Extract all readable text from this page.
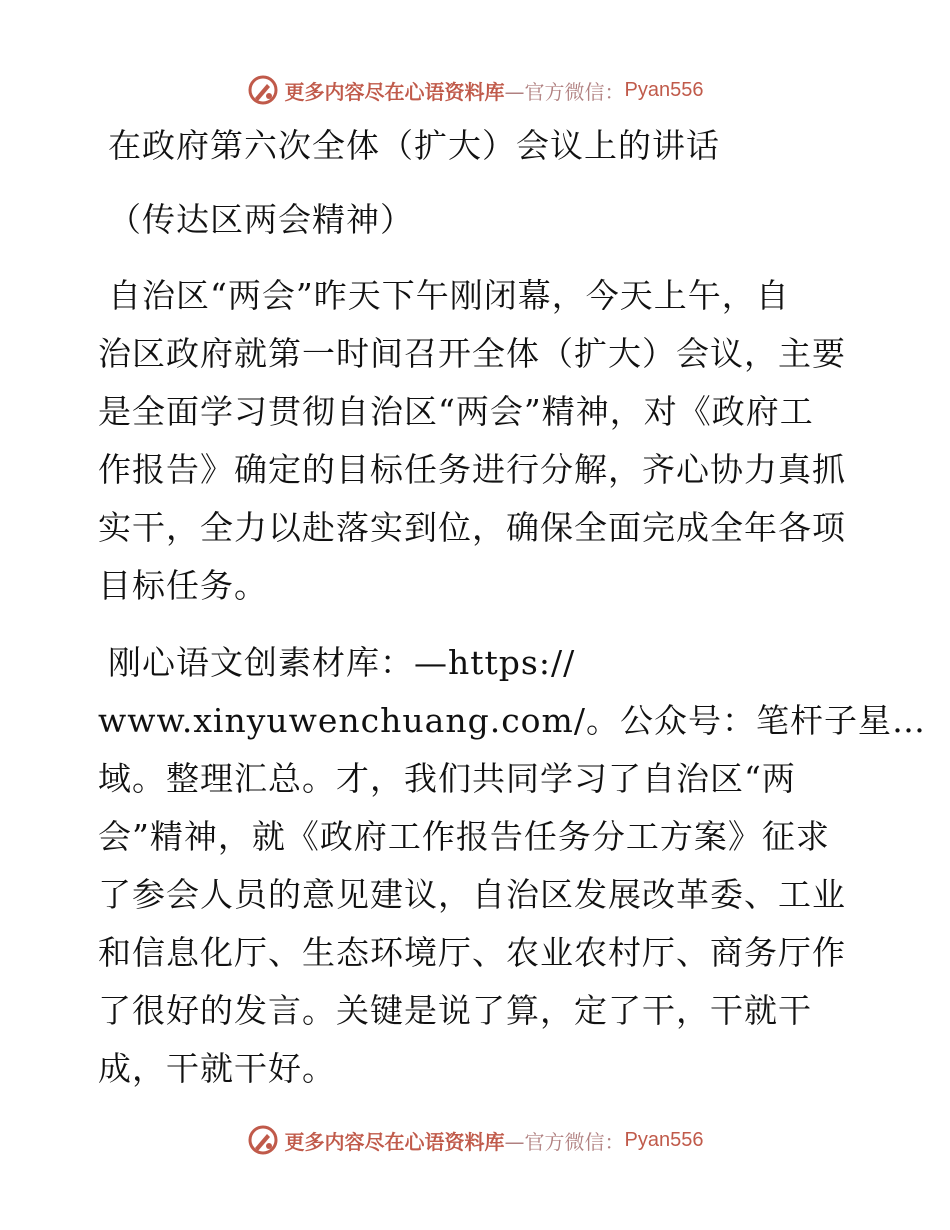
更多内容尽在心语资料库 —官方微信： Pyan556
在政府第六次全体（扩大）会议上的讲话
（传达区两会精神）
自治区“两会”昨天下午刚闭幕，今天上午，自
治区政府就第一时间召开全体（扩大）会议，主要
是全面学习贯彻自治区“两会”精神，对《政府工
作报告》确定的目标任务进行分解，齐心协力真抓
实干，全力以赴落实到位，确保全面完成全年各项
目标任务。
刚心语文创素材库：—https://
www.xinyuwenchuang.com/。公众号：笔杆子星…
域。整理汇总。才，我们共同学习了自治区“两
会”精神，就《政府工作报告任务分工方案》征求
了参会人员的意见建议，自治区发展改革委、工业
和信息化厅、生态环境厅、农业农村厅、商务厅作
了很好的发言。关键是说了算，定了干，干就干
成，干就干好。
更多内容尽在心语资料库 —官方微信： Pyan556
